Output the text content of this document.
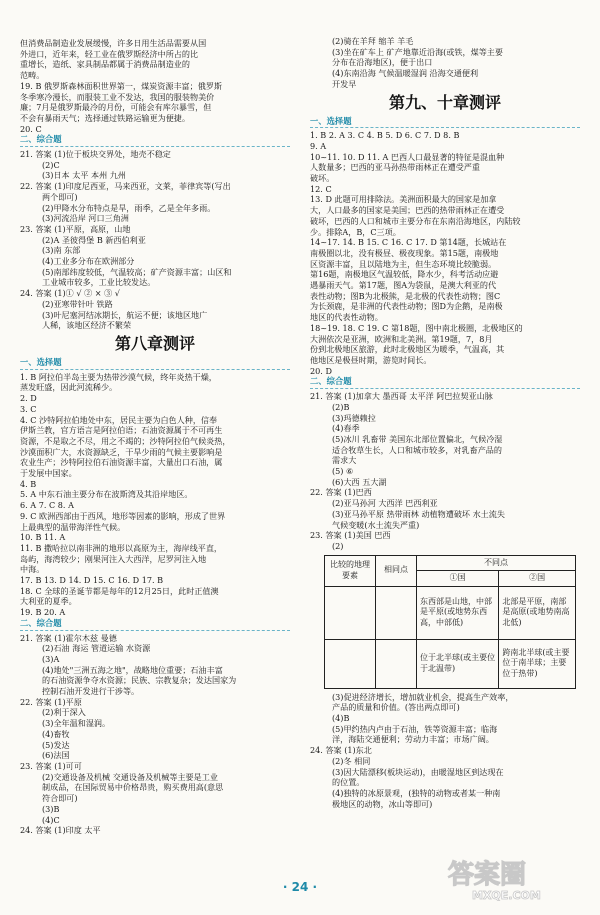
但消费品制造业发展缓慢，许多日用生活品需要从国
外进口，近年来，轻工业在俄罗斯经济中所占的比
重增长，造纸、家具制品都属于消费品制造业的
范畴。
19. B 俄罗斯森林面积世界第一，煤炭资源丰富；俄罗斯
冬季寒冷漫长，而服装工业不发达，我国的服装物美价
廉；7月是俄罗斯最冷的月份，可能会有库尔暴雪，但
不会有暴雨天气；选择通过铁路运输更为便捷。
20. C
二、综合题
21. 答案 (1)位于板块交界处，地壳不稳定
(2)C
(3)日本 太平 本州 九州
22. 答案 (1)印度尼西亚，马来西亚，文莱，菲律宾等(写出
两个即可)
(2)甲降水分布特点是旱，雨季，乙是全年多雨。
(3)河流沿岸 河口三角洲
23. 答案 (1)平原，高原，山地
(2)A 圣彼得堡 B 新西伯利亚
(3)南 东部
(4)工业多分布在欧洲部分
(5)南部纬度较低，气温较高；矿产资源丰富；山区和
工业城市较多，工业比较发达。
24. 答案 (1)① √ ② × ③ √
(2)亚寒带针叶 铁路
(3)叶尼塞河结冰期长，航运不便；该地区地广
人稀，该地区经济不繁荣
第八章测评
一、选择题
1. B 阿拉伯半岛主要为热带沙漠气候，终年炎热干燥，
蒸发旺盛，因此河流稀少。
2. D
3. C
4. C 沙特阿拉伯地处中东，居民主要为白色人种，信奉
伊斯兰教，官方语言是阿拉伯语；石油资源属于不可再生
资源，不是取之不尽，用之不竭的；沙特阿拉伯气候炎热，
沙漠面积广大，水资源缺乏，干旱少雨的气候主要影响是
农业生产；沙特阿拉伯石油资源丰富，大量出口石油，属
于发展中国家。
4. B
5. A 中东石油主要分布在波斯湾及其沿岸地区。
6. A 7. C 8. A
9. C 欧洲西部由于西风，地形等因素的影响，形成了世界
上最典型的温带海洋性气候。
10. B 11. A
11. B 撒哈拉以南非洲的地形以高原为主，海岸线平直，
岛屿，海湾较少；刚果河注入大西洋，尼罗河注入地
中海。
17. B 13. D 14. D 15. C 16. D 17. B
18. C 全球的圣诞节都是每年的12月25日，此时正值澳
大利亚的夏季。
19. B 20. A
二、综合题
21. 答案 (1)霍尔木兹 曼德
(2)石油 海运 管道运输 水资源
(3)A
(4)地处"三洲五海之地"，战略地位重要；石油丰富
的石油资源争夺水资源；民族、宗教复杂；发达国家为
控制石油开发进行干涉等。
22. 答案 (1)平原
(2)利于深入
(3)全年温和湿润。
(4)畜牧
(5)发达
(6)法国
23. 答案 (1)可可
(2)交通设备及机械 交通设备及机械等主要是工业
制成品，在国际贸易中价格昂贵，购买费用高(意思
符合即可)
(3)B
(4)C
24. 答案 (1)印度 太平
(2)骑在羊拜 缩羊 羊毛
(3)坐在矿车上 矿产地靠近沿海(或铁，煤等主要
分布在沿海地区)，便于出口
(4)东南沿海 气候温暖湿润 沿海交通便利
开发早
第九、十章测评
一、选择题
1. B 2. A 3. C 4. B 5. D 6. C 7. D 8. B
9. A
10~11. 10. D 11. A 巴西人口最显著的特征是混血种
人数量多；巴西的亚马孙热带雨林正在遭受严重
破坏。
12. C
13. D 此题可用排除法。美洲面积最大的国家是加拿
大，人口最多的国家是美国；巴西的热带雨林正在遭受
破坏，巴西的人口和城市主要分布在东南沿海地区，内陆较
少。排除A，B，C三项。
14~17. 14. B 15. C 16. C 17. D 第14题，长城站在
南极圈以北，没有极昼、极夜现象。第15题，南极地
区资源丰富，且以陆地为主，但生态环境比较脆弱。
第16题，南极地区气温较低，降水少，科考活动应避
遇暴雨天气。第17题，图A为袋鼠，是澳大利亚的代
表性动物；图B为北极熊，是北极的代表性动物；图C
为长颈鹿，是非洲的代表性动物；图D为企鹅，是南极
地区的代表性动物。
18~19. 18. C 19. C 第18题，图中南北极圈，北极地区的
大洲依次是亚洲，欧洲和北美洲。第19题，7，8月
份到北极地区旅游，此时北极地区为暖季，气温高，其
他地区是极昼时期，游览时间长。
20. D
二、综合题
21. 答案 (1)加拿大 墨西哥 太平洋 阿巴拉契亚山脉
(2)B
(3)玛德赖拉
(4)春季
(5)冰川 乳畜带 美国东北部位置偏北，气候冷湿
适合牧草生长，人口和城市较多，对乳畜产品的
需求大
(5) ⑥
(6)大西 五大湖
22. 答案 (1)巴西
(2)亚马孙河 大西洋 巴西利亚
(3)亚马孙平原 热带雨林 动植物遭破坏 水土流失
气候变暖(水土流失严重)
23. 答案 (1)美国 巴西
(2)
比较的地理要素	相同点	不同点	
		①国	②国
		东西部是山地，中部是平原(或地势东西高，中部低)	北部是平原，南部是高原(或地势南高北低)
		位于北半球(或主要位于北温带)	跨南北半球(或主要位于南半球；主要位于热带)
(3)促进经济增长，增加就业机会，提高生产效率，
产品的质量和价值。(答出两点即可)
(4)B
(5)甲约热内卢由于石油，铁等资源丰富；临海
洋，海陆交通便利；劳动力丰富；市场广阔。
24. 答案 (1)东北
(2)冬 相同
(3)因大陆漂移(板块运动)，由暖湿地区到达现在
的位置。
(4)独特的冰原景观，(独特的动物或者某一种南
极地区的动物，冰山等即可)
· 24 ·	答案圈
MXQE.COM
